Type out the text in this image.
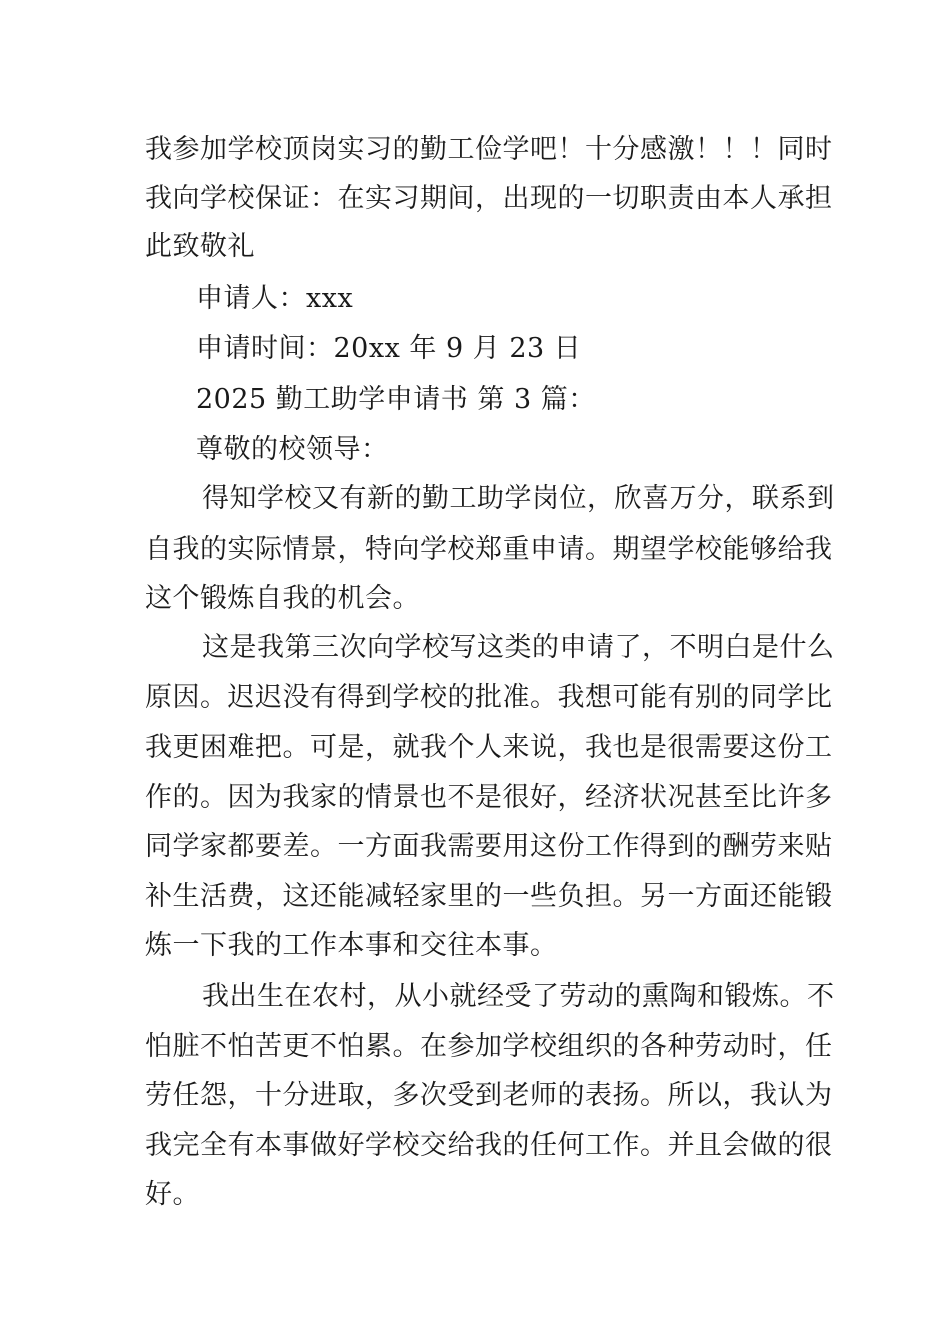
我参加学校顶岗实习的勤工俭学吧！十分感激！！！同时
我向学校保证：在实习期间，出现的一切职责由本人承担
此致敬礼
申请人：xxx
申请时间：20xx 年 9 月 23 日
2025 勤工助学申请书 第 3 篇：
尊敬的校领导：
得知学校又有新的勤工助学岗位，欣喜万分，联系到
自我的实际情景，特向学校郑重申请。期望学校能够给我
这个锻炼自我的机会。
这是我第三次向学校写这类的申请了，不明白是什么
原因。迟迟没有得到学校的批准。我想可能有别的同学比
我更困难把。可是，就我个人来说，我也是很需要这份工
作的。因为我家的情景也不是很好，经济状况甚至比许多
同学家都要差。一方面我需要用这份工作得到的酬劳来贴
补生活费，这还能减轻家里的一些负担。另一方面还能锻
炼一下我的工作本事和交往本事。
我出生在农村，从小就经受了劳动的熏陶和锻炼。不
怕脏不怕苦更不怕累。在参加学校组织的各种劳动时，任
劳任怨，十分进取，多次受到老师的表扬。所以，我认为
我完全有本事做好学校交给我的任何工作。并且会做的很
好。
